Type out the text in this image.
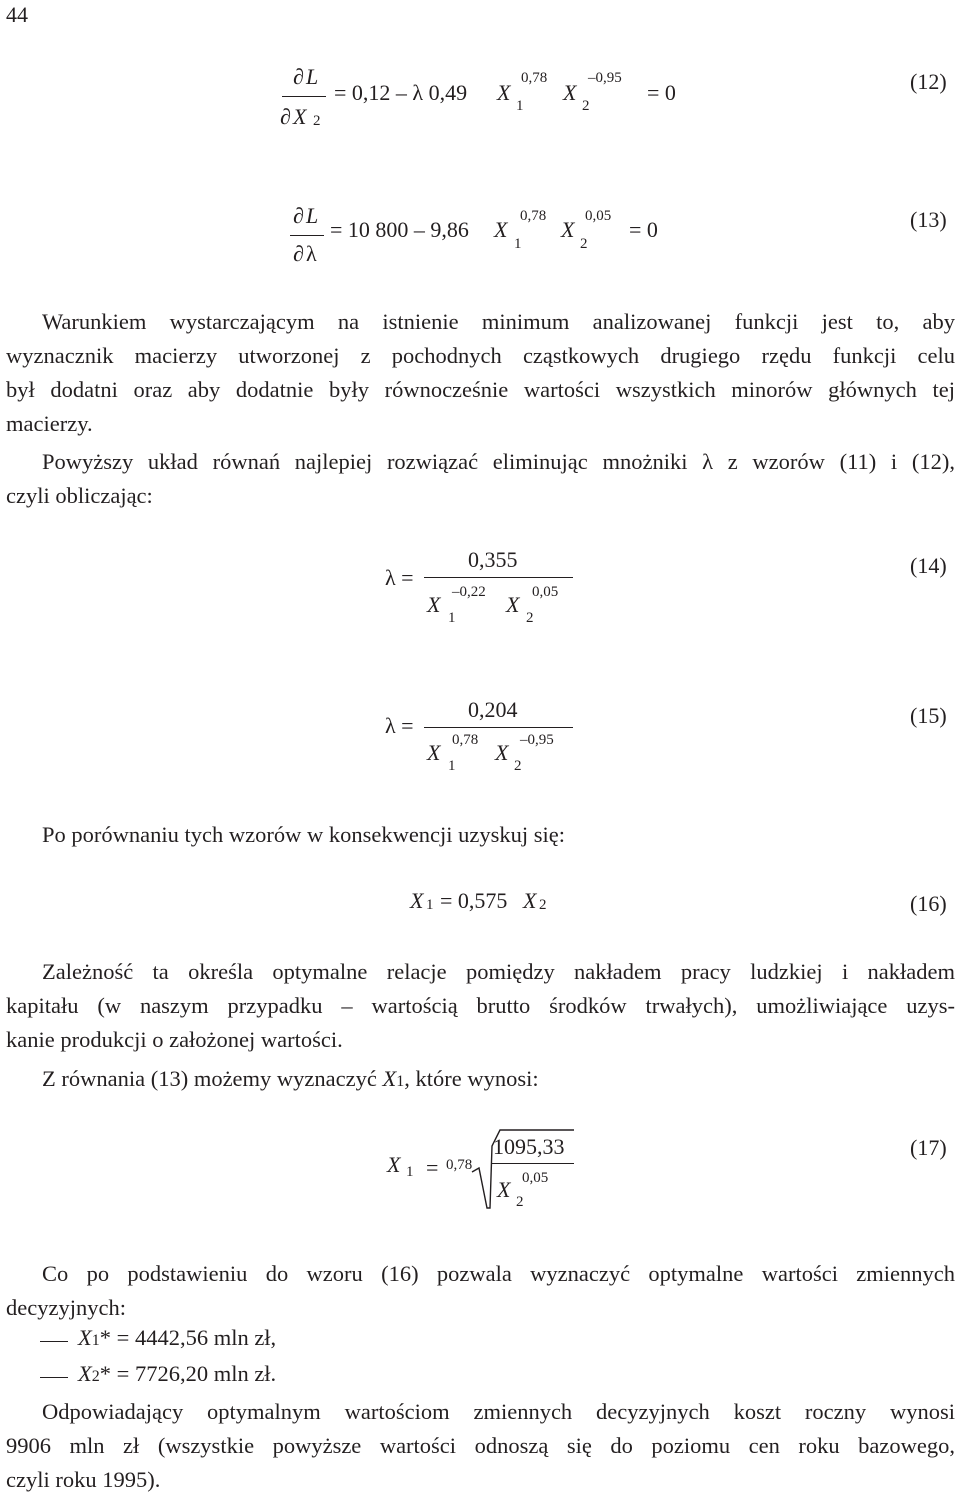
44
∂ L
∂ X 2
= 0,12 – λ 0,49 X
0,78
1
X
–0,95
2
= 0	(12)
∂ L
∂ λ
= 10 800 – 9,86 X
0,78
1
X
0,05
2
= 0	(13)
Warunkiem wystarczającym na istnienie minimum analizowanej funkcji jest to, aby
wyznacznik macierzy utworzonej z pochodnych cząstkowych drugiego rzędu funkcji celu
był dodatni oraz aby dodatnie były równocześnie wartości wszystkich minorów głównych tej
macierzy.
Powyższy układ równań najlepiej rozwiązać eliminując mnożniki λ z wzorów (11) i (12),
czyli obliczając:
λ =
0,355
X –0,22
1
X 0,05
2
(14)
λ =
0,204
X 0,78
1
X –0,95
2
(15)
Po porównaniu tych wzorów w konsekwencji uzyskuj się:
X 1 = 0,575 X 2	(16)
Zależność ta określa optymalne relacje pomiędzy nakładem pracy ludzkiej i nakładem
kapitału (w naszym przypadku – wartością brutto środków trwałych), umożliwiające uzys-
kanie produkcji o założonej wartości.
Z równania (13) możemy wyznaczyć X1, które wynosi:
X 1 = 0,78
1095,33
X 0,05
2
(17)
Co po podstawieniu do wzoru (16) pozwala wyznaczyć optymalne wartości zmiennych
decyzyjnych:
X1* = 4442,56 mln zł,
X2* = 7726,20 mln zł.
Odpowiadający optymalnym wartościom zmiennych decyzyjnych koszt roczny wynosi
9906 mln zł (wszystkie powyższe wartości odnoszą się do poziomu cen roku bazowego,
czyli roku 1995).
